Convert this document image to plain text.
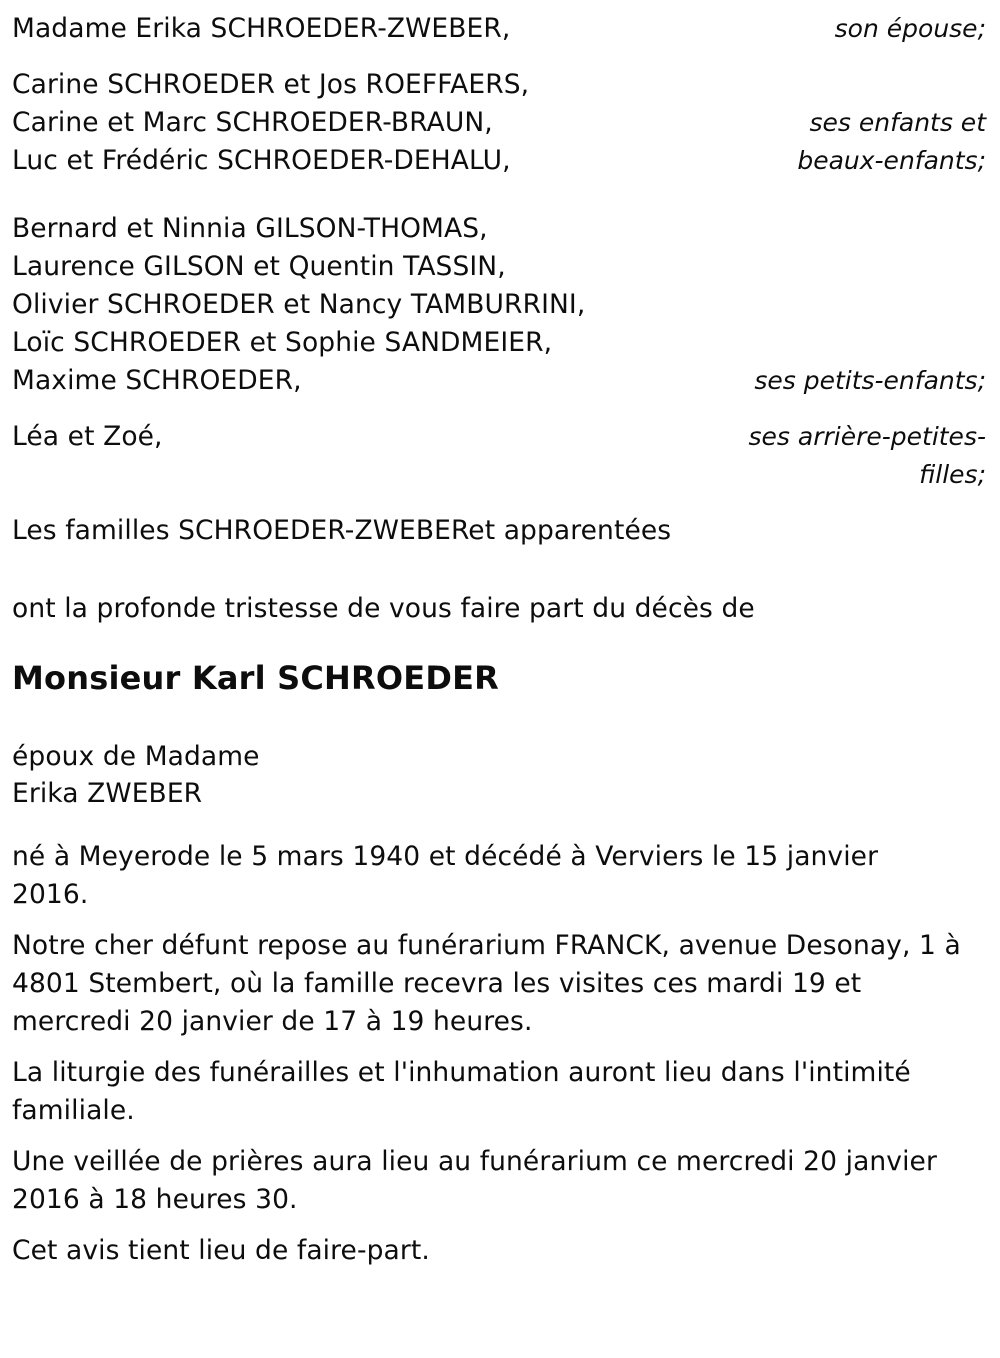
Madame Erika SCHROEDER-ZWEBER,	son épouse;
Carine SCHROEDER et Jos ROEFFAERS,
Carine et Marc SCHROEDER-BRAUN,
Luc et Frédéric SCHROEDER-DEHALU,
ses enfants et beaux-enfants;
Bernard et Ninnia GILSON-THOMAS,
Laurence GILSON et Quentin TASSIN,
Olivier SCHROEDER et Nancy TAMBURRINI,
Loïc SCHROEDER et Sophie SANDMEIER,
Maxime SCHROEDER,	ses petits-enfants;
Léa et Zoé,	ses arrière-petites-filles;
Les familles SCHROEDER-ZWEBERet apparentées
ont la profonde tristesse de vous faire part du décès de
Monsieur Karl SCHROEDER
époux de Madame
Erika ZWEBER

né à Meyerode le 5 mars 1940 et décédé à Verviers le 15 janvier 2016.

Notre cher défunt repose au funérarium FRANCK, avenue Desonay, 1 à 4801 Stembert, où la famille recevra les visites ces mardi 19 et mercredi 20 janvier de 17 à 19 heures.

La liturgie des funérailles et l'inhumation auront lieu dans l'intimité familiale.

Une veillée de prières aura lieu au funérarium ce mercredi 20 janvier 2016 à 18 heures 30.

Cet avis tient lieu de faire-part.
